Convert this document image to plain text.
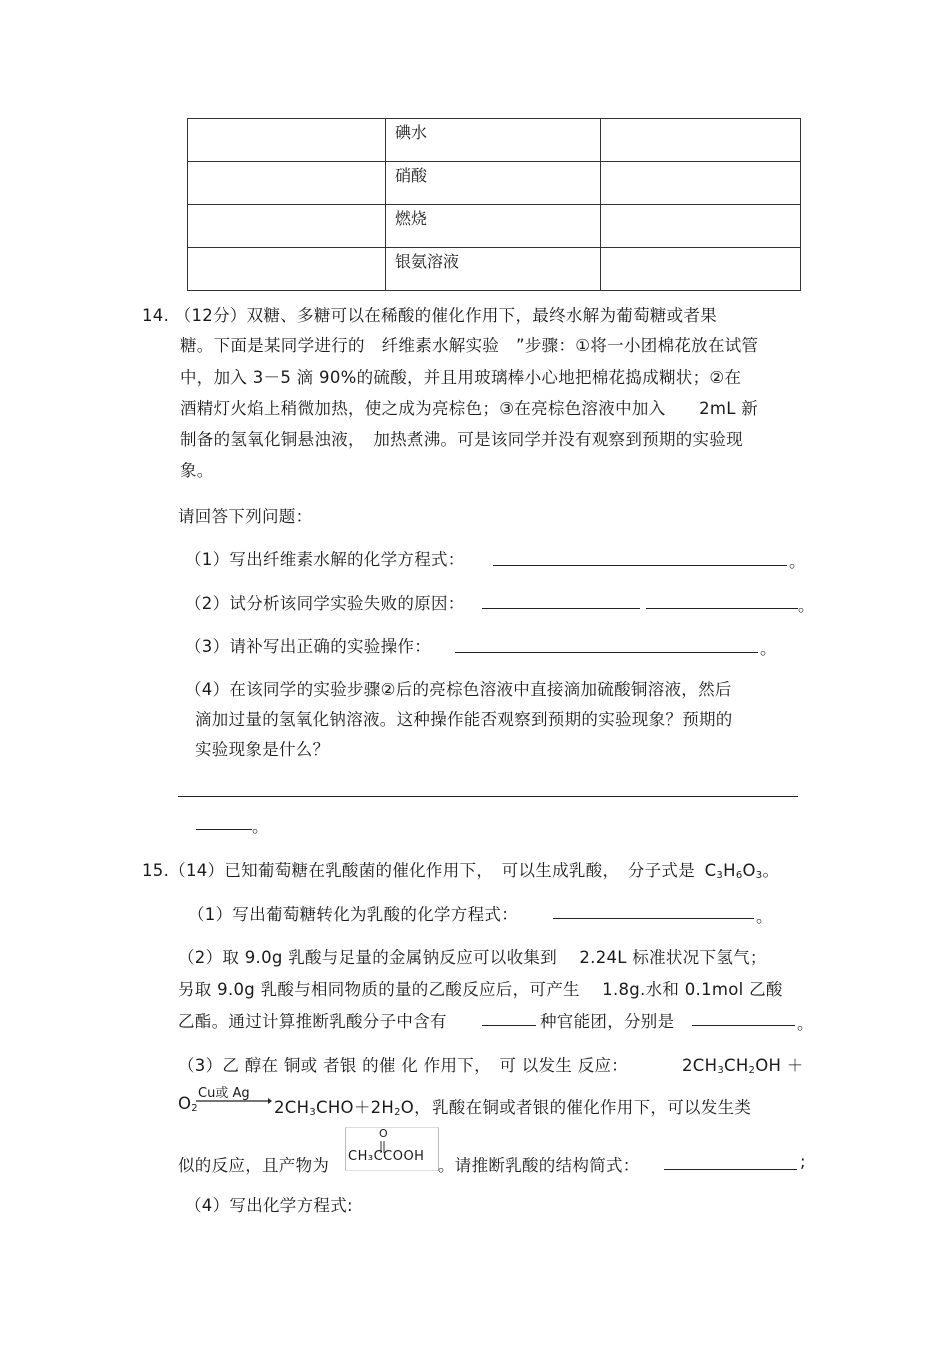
	碘水	
	硝酸	
	燃烧	
	银氨溶液	
14. （12分）双糖、多糖可以在稀酸的催化作用下，最终水解为葡萄糖或者果
糖。下面是某同学进行的　纤维素水解实验　”步骤：①将一小团棉花放在试管
中，加入 3－5 滴 90%的硫酸，并且用玻璃棒小心地把棉花捣成糊状；②在
酒精灯火焰上稍微加热，使之成为亮棕色；③在亮棕色溶液中加入　　2mL 新
制备的氢氧化铜悬浊液，　加热煮沸。可是该同学并没有观察到预期的实验现
象。
请回答下列问题：
（1）写出纤维素水解的化学方程式：	。
（2）试分析该同学实验失败的原因：	。
（3）请补写出正确的实验操作：	。
（4）在该同学的实验步骤②后的亮棕色溶液中直接滴加硫酸铜溶液，然后
滴加过量的氢氧化钠溶液。这种操作能否观察到预期的实验现象？预期的
实验现象是什么？
。
15.（14）已知葡萄糖在乳酸菌的催化作用下，　可以生成乳酸，　分子式是 $C_3H_6O_3$。
（1）写出葡萄糖转化为乳酸的化学方程式：	。
（2）取 9.0g 乳酸与足量的金属钠反应可以收集到　 2.24L 标准状况下氢气；
另取 9.0g 乳酸与相同物质的量的乙酸反应后，可产生　 1.8g.水和 0.1mol 乙酸
乙酯。通过计算推断乳酸分子中含有	种官能团，分别是	。
（3）乙 醇在 铜或 者银 的催 化 作用下，　可 以发生 反应：	$2CH_3CH_2OH$ ＋
$O_2$
Cu或 Ag
$2CH_3CHO+2H_2O$， 乳酸在铜或者银的催化作用下，可以发生类
似的反应，且产物为
O
CH₃CCOOH 。请推断乳酸的结构简式：	;
（4）写出化学方程式:
